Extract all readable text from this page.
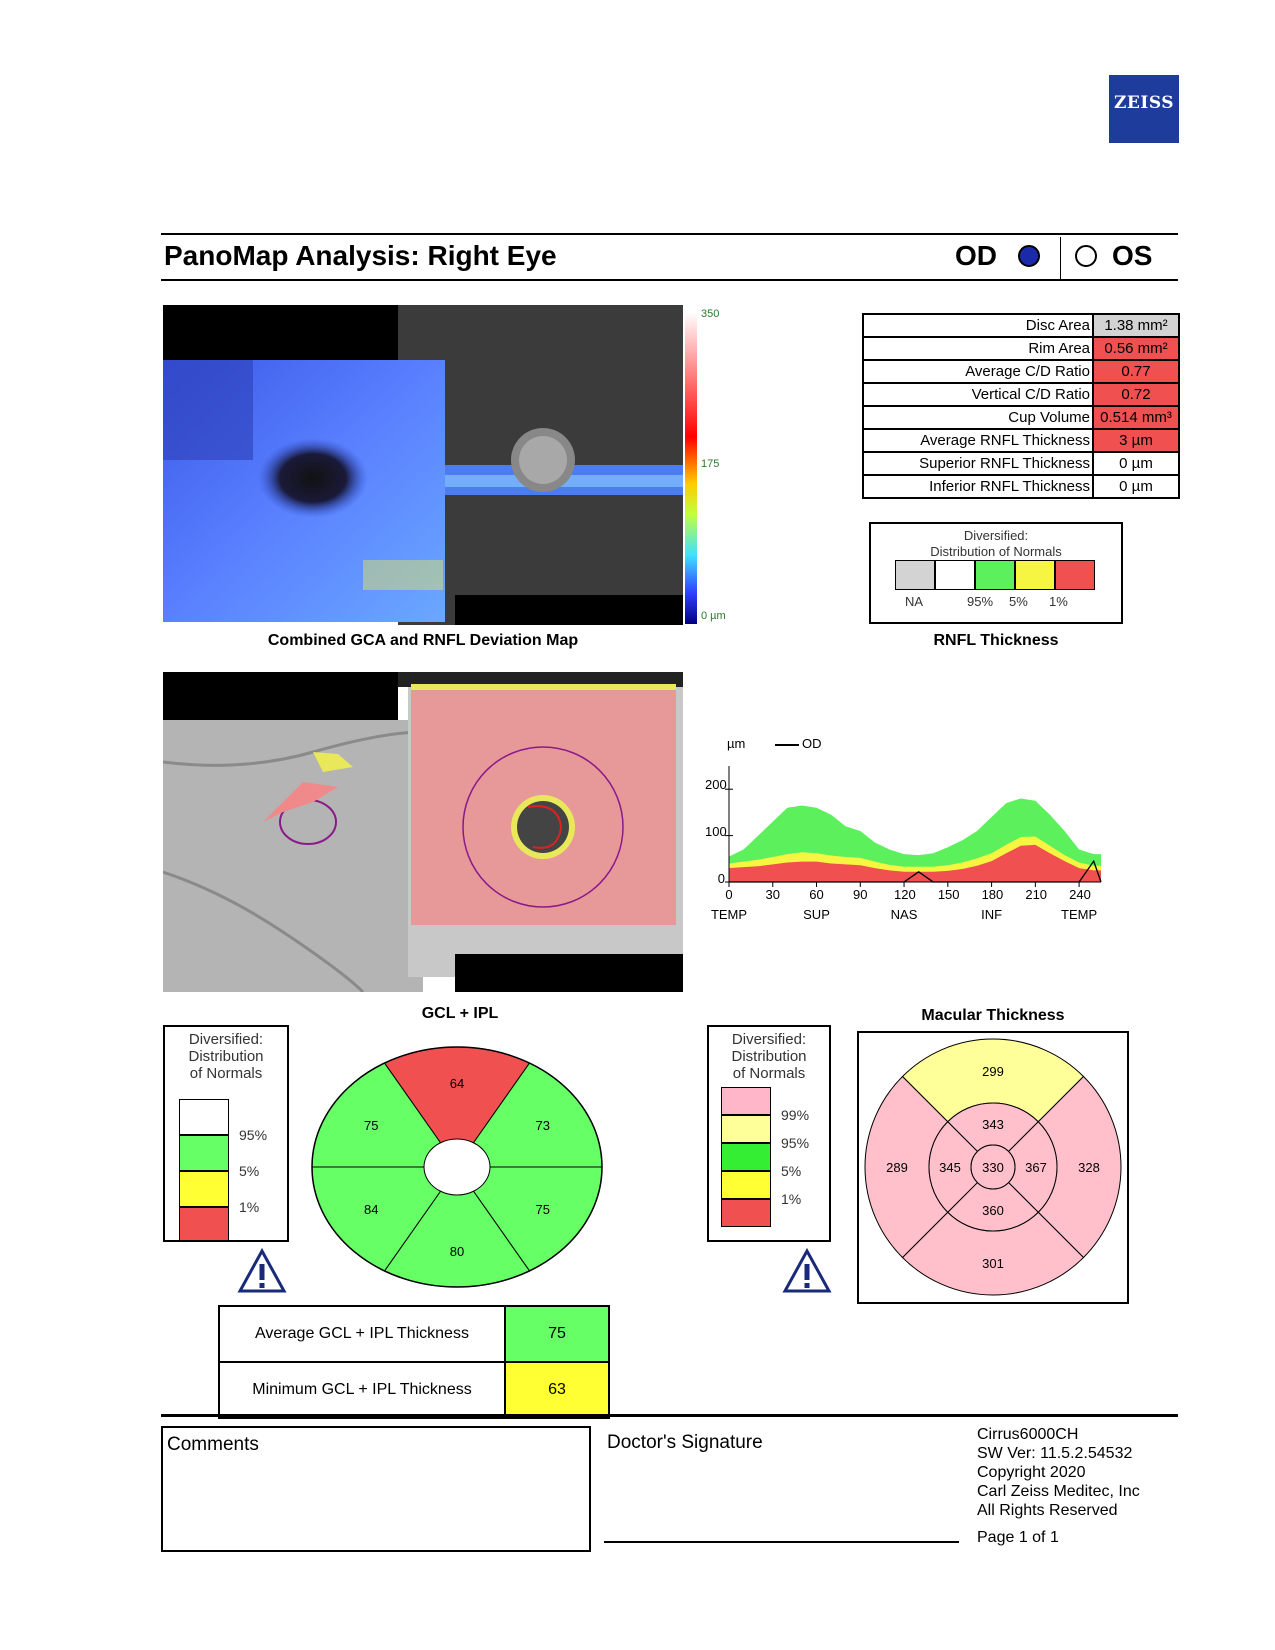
ZEISS
PanoMap Analysis: Right Eye	OD	OS
350
175
0 µm
Combined GCA and RNFL Deviation Map
Disc Area	1.38 mm²
Rim Area	0.56 mm²
Average C/D Ratio	0.77
Vertical C/D Ratio	0.72
Cup Volume	0.514 mm³
Average RNFL Thickness	3 µm
Superior RNFL Thickness	0 µm
Inferior RNFL Thickness	0 µm
Diversified:
Distribution of Normals
NA	95% 5% 1%
RNFL Thickness
µm	OD
200
100
0
0	30 60 90 120 150 180 210 240
TEMP	SUP	NAS	INF	TEMP
GCL + IPL
Diversified:
Distribution
of Normals
95%
5%
1%
64
73
75
80
84
75
Average GCL + IPL Thickness	75
Minimum GCL + IPL Thickness	63
Macular Thickness
Diversified:
Distribution
of Normals
99%
95%
5%
1%
299
328
301
289
343
367
360
345 330
Comments	Doctor's Signature	Cirrus6000CH
SW Ver: 11.5.2.54532
Copyright 2020
Carl Zeiss Meditec, Inc
All Rights Reserved
Page 1 of 1
